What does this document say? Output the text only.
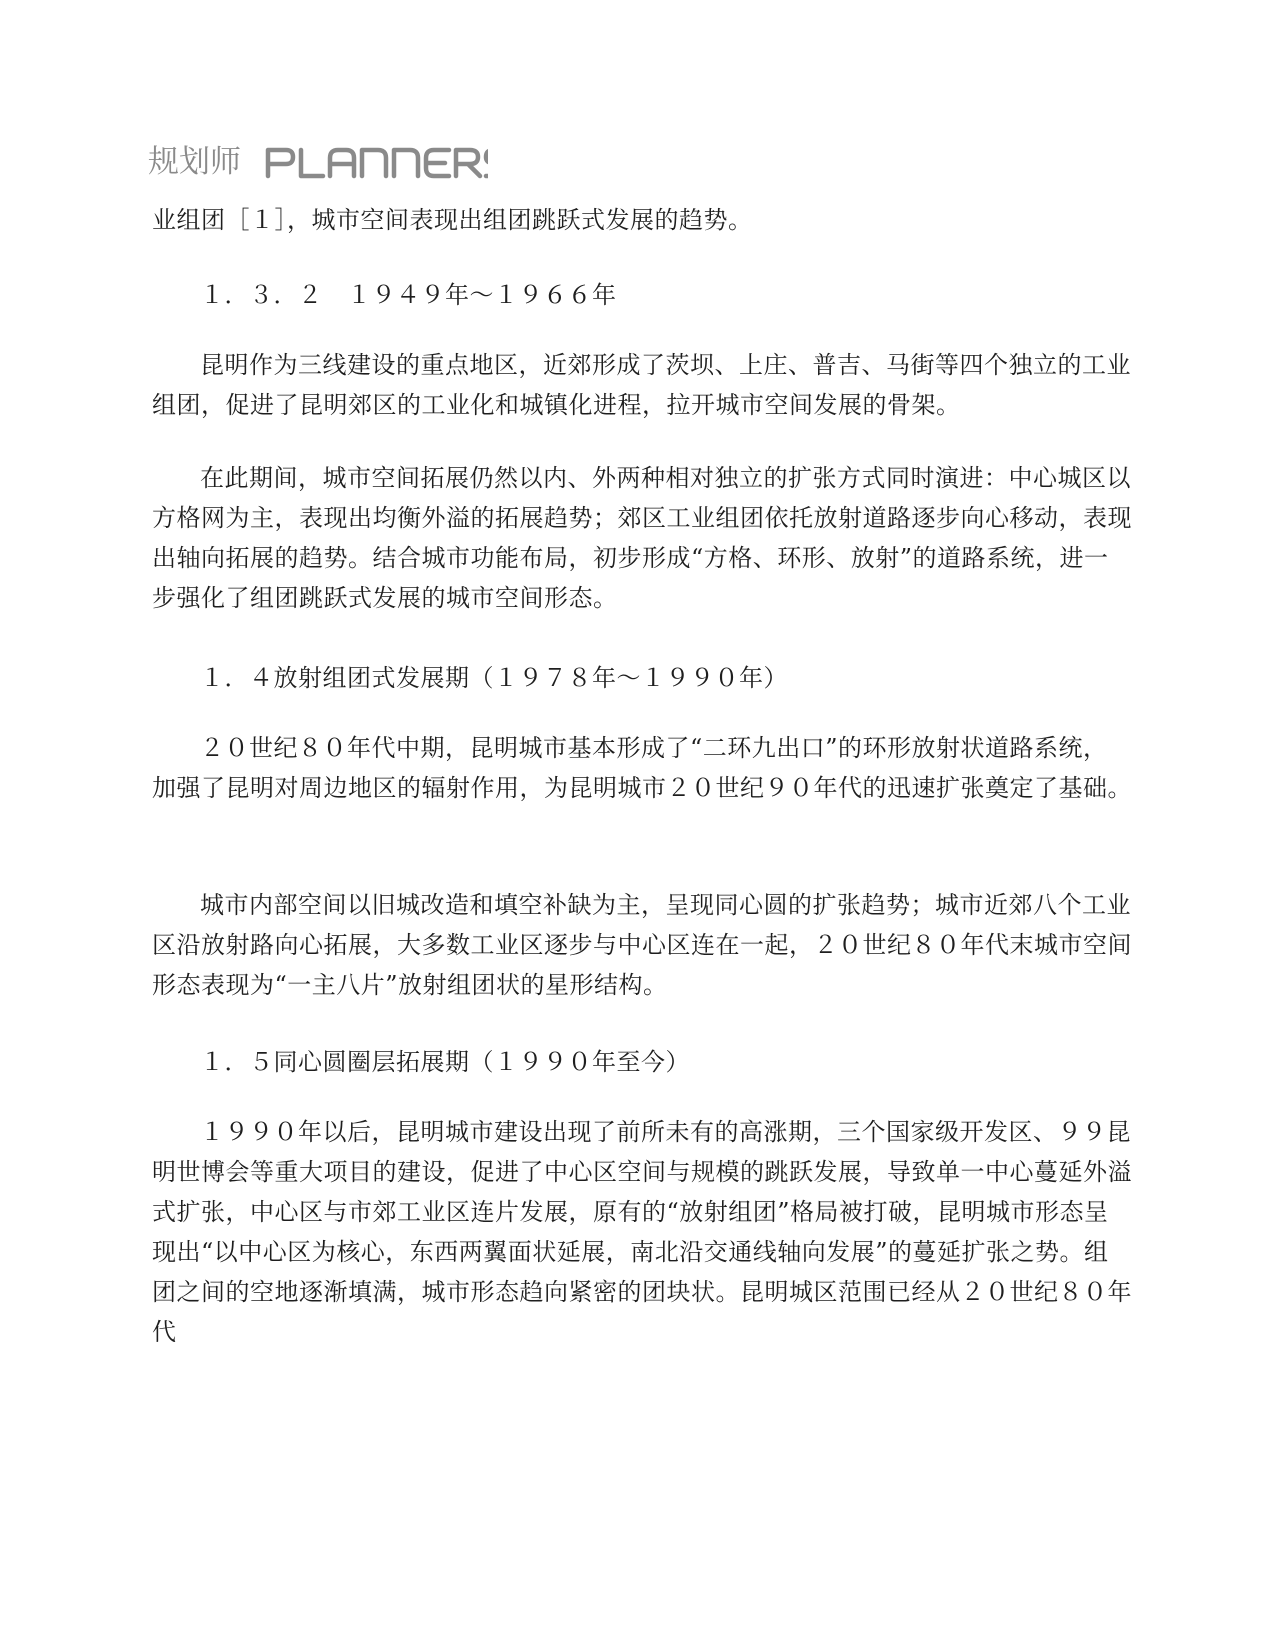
规划师

业组团［１］，城市空间表现出组团跳跃式发展的趋势。

１．３．２　１９４９年～１９６６年

昆明作为三线建设的重点地区，近郊形成了茨坝、上庄、普吉、马街等四个独立的工业组团，促进了昆明郊区的工业化和城镇化进程，拉开城市空间发展的骨架。

在此期间，城市空间拓展仍然以内、外两种相对独立的扩张方式同时演进：中心城区以方格网为主，表现出均衡外溢的拓展趋势；郊区工业组团依托放射道路逐步向心移动，表现出轴向拓展的趋势。结合城市功能布局，初步形成“方格、环形、放射”的道路系统，进一步强化了组团跳跃式发展的城市空间形态。

１．４放射组团式发展期（１９７８年～１９９０年）

２０世纪８０年代中期，昆明城市基本形成了“二环九出口”的环形放射状道路系统，加强了昆明对周边地区的辐射作用，为昆明城市２０世纪９０年代的迅速扩张奠定了基础。

城市内部空间以旧城改造和填空补缺为主，呈现同心圆的扩张趋势；城市近郊八个工业区沿放射路向心拓展，大多数工业区逐步与中心区连在一起，２０世纪８０年代末城市空间形态表现为“一主八片”放射组团状的星形结构。

１．５同心圆圈层拓展期（１９９０年至今）

１９９０年以后，昆明城市建设出现了前所未有的高涨期，三个国家级开发区、９９昆明世博会等重大项目的建设，促进了中心区空间与规模的跳跃发展，导致单一中心蔓延外溢式扩张，中心区与市郊工业区连片发展，原有的“放射组团”格局被打破，昆明城市形态呈现出“以中心区为核心，东西两翼面状延展，南北沿交通线轴向发展”的蔓延扩张之势。组团之间的空地逐渐填满，城市形态趋向紧密的团块状。昆明城区范围已经从２０世纪８０年代
